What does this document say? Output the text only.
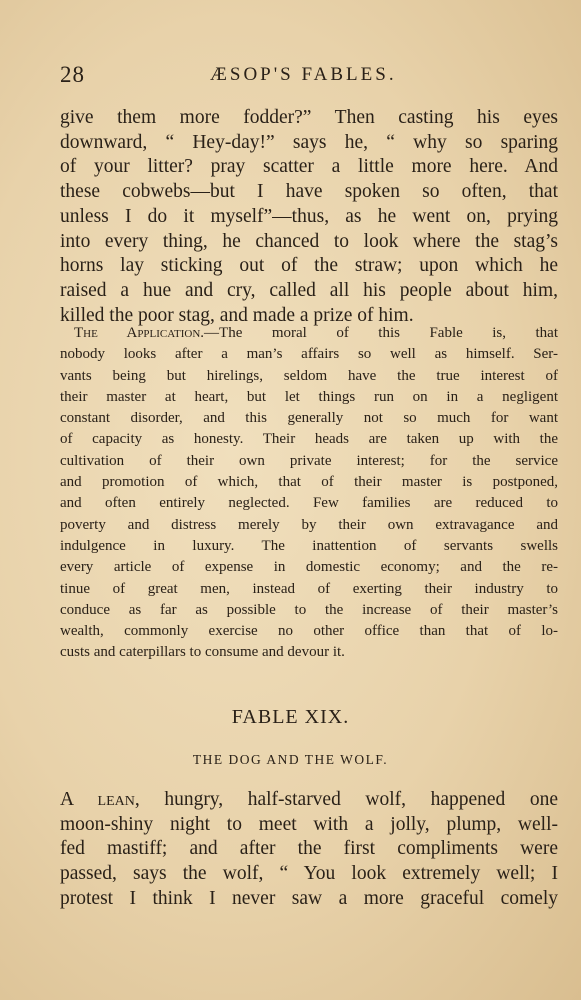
28	ÆSOP'S FABLES.
give them more fodder?” Then casting his eyes
downward, “ Hey-day!” says he, “ why so sparing
of your litter? pray scatter a little more here. And
these cobwebs—but I have spoken so often, that
unless I do it myself”—thus, as he went on, prying
into every thing, he chanced to look where the stag’s
horns lay sticking out of the straw; upon which he
raised a hue and cry, called all his people about him,
killed the poor stag, and made a prize of him.
The Application.—The moral of this Fable is, that
nobody looks after a man’s affairs so well as himself. Ser-
vants being but hirelings, seldom have the true interest of
their master at heart, but let things run on in a negligent
constant disorder, and this generally not so much for want
of capacity as honesty. Their heads are taken up with the
cultivation of their own private interest; for the service
and promotion of which, that of their master is postponed,
and often entirely neglected. Few families are reduced to
poverty and distress merely by their own extravagance and
indulgence in luxury. The inattention of servants swells
every article of expense in domestic economy; and the re-
tinue of great men, instead of exerting their industry to
conduce as far as possible to the increase of their master’s
wealth, commonly exercise no other office than that of lo-
custs and caterpillars to consume and devour it.
FABLE XIX.
THE DOG AND THE WOLF.
A lean, hungry, half-starved wolf, happened one
moon-shiny night to meet with a jolly, plump, well-
fed mastiff; and after the first compliments were
passed, says the wolf, “ You look extremely well; I
protest I think I never saw a more graceful comely
